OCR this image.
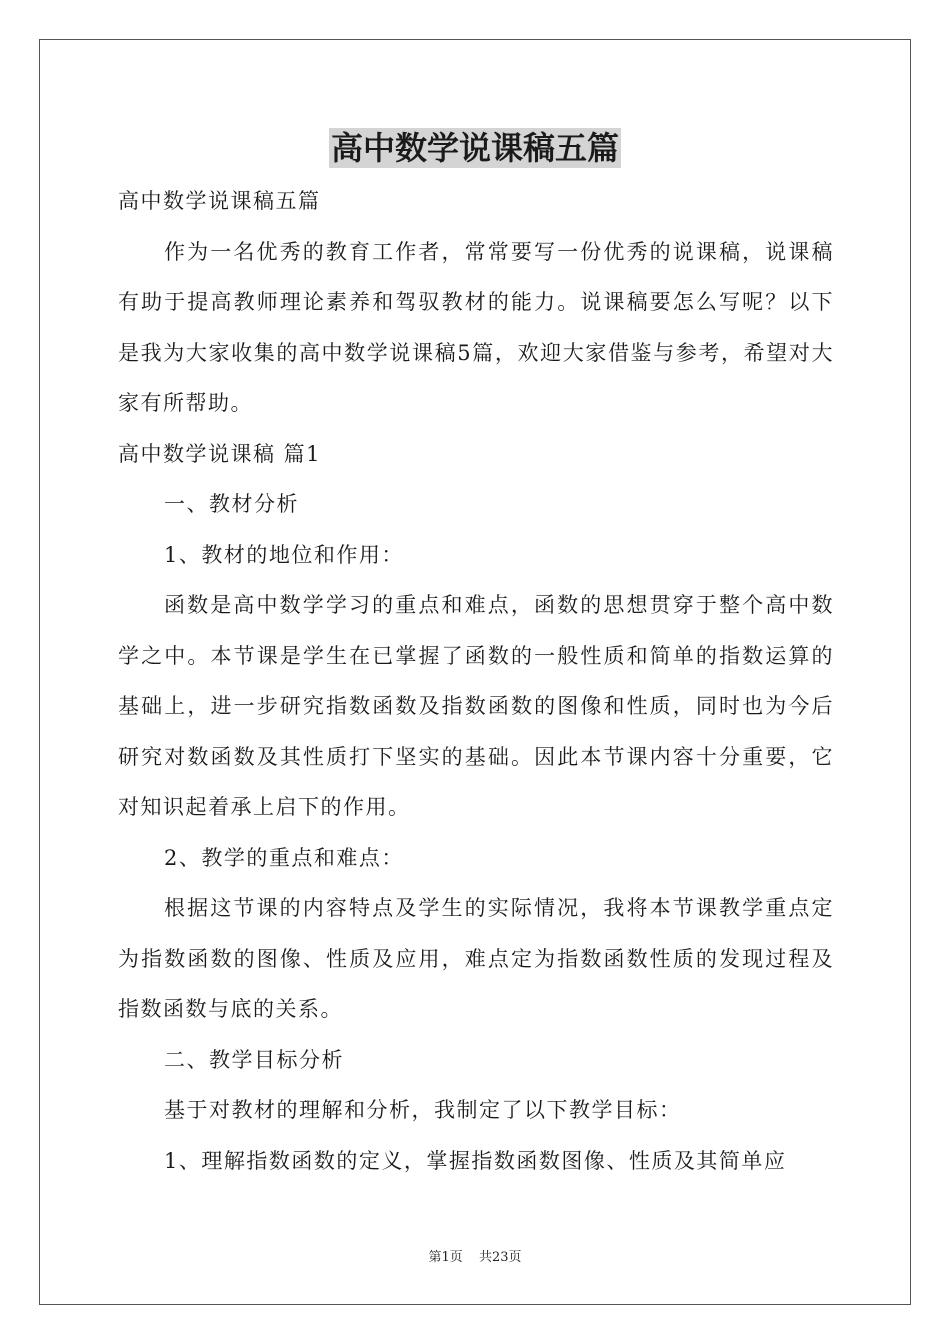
高中数学说课稿五篇

高中数学说课稿五篇

作为一名优秀的教育工作者，常常要写一份优秀的说课稿，说课稿有助于提高教师理论素养和驾驭教材的能力。说课稿要怎么写呢？以下是我为大家收集的高中数学说课稿5篇，欢迎大家借鉴与参考，希望对大家有所帮助。

高中数学说课稿 篇1

一、教材分析

1、教材的地位和作用：

函数是高中数学学习的重点和难点，函数的思想贯穿于整个高中数学之中。本节课是学生在已掌握了函数的一般性质和简单的指数运算的基础上，进一步研究指数函数及指数函数的图像和性质，同时也为今后研究对数函数及其性质打下坚实的基础。因此本节课内容十分重要，它对知识起着承上启下的作用。

2、教学的重点和难点：

根据这节课的内容特点及学生的实际情况，我将本节课教学重点定为指数函数的图像、性质及应用，难点定为指数函数性质的发现过程及指数函数与底的关系。

二、教学目标分析

基于对教材的理解和分析，我制定了以下教学目标：

1、理解指数函数的定义，掌握指数函数图像、性质及其简单应

第1页 共23页
